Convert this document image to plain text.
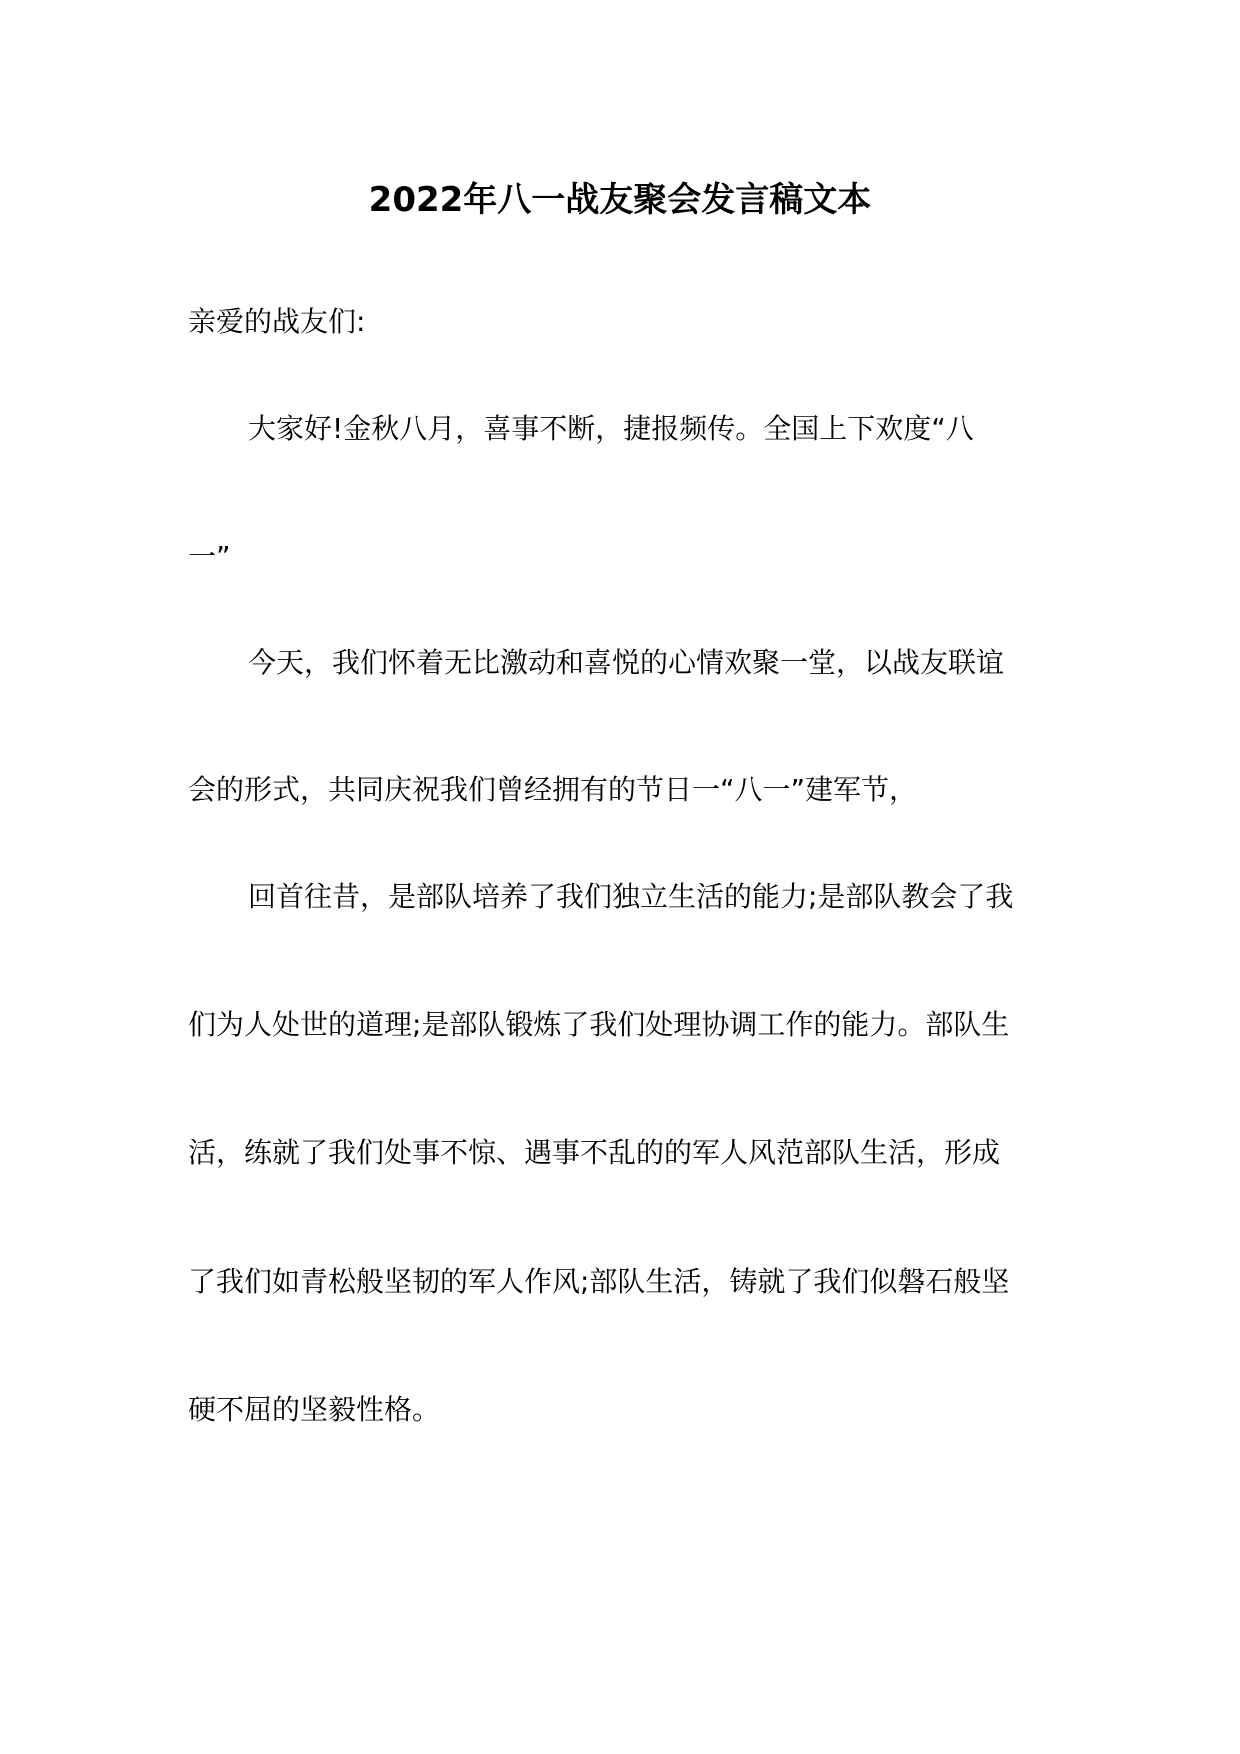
2022年八一战友聚会发言稿文本
亲爱的战友们:
大家好!金秋八月，喜事不断，捷报频传。全国上下欢度“八
一”
今天，我们怀着无比激动和喜悦的心情欢聚一堂，以战友联谊
会的形式，共同庆祝我们曾经拥有的节日一“八一”建军节，
回首往昔，是部队培养了我们独立生活的能力;是部队教会了我
们为人处世的道理;是部队锻炼了我们处理协调工作的能力。部队生
活，练就了我们处事不惊、遇事不乱的的军人风范部队生活，形成
了我们如青松般坚韧的军人作风;部队生活，铸就了我们似磐石般坚
硬不屈的坚毅性格。
